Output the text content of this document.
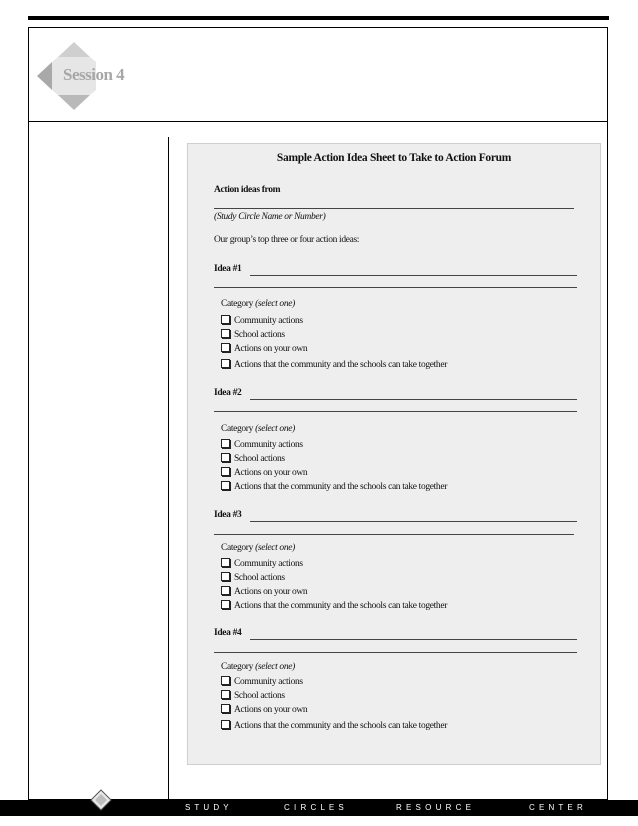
Session 4
Sample Action Idea Sheet to Take to Action Forum
Action ideas from
(Study Circle Name or Number)
Our group’s top three or four action ideas:
Idea #1
Category (select one)
Community actions
School actions
Actions on your own
Actions that the community and the schools can take together
Idea #2
Category (select one)
Community actions
School actions
Actions on your own
Actions that the community and the schools can take together
Idea #3
Category (select one)
Community actions
School actions
Actions on your own
Actions that the community and the schools can take together
Idea #4
Category (select one)
Community actions
School actions
Actions on your own
Actions that the community and the schools can take together
S T U D Y	C I R C L E S	R E S O U R C E	C E N T E R
